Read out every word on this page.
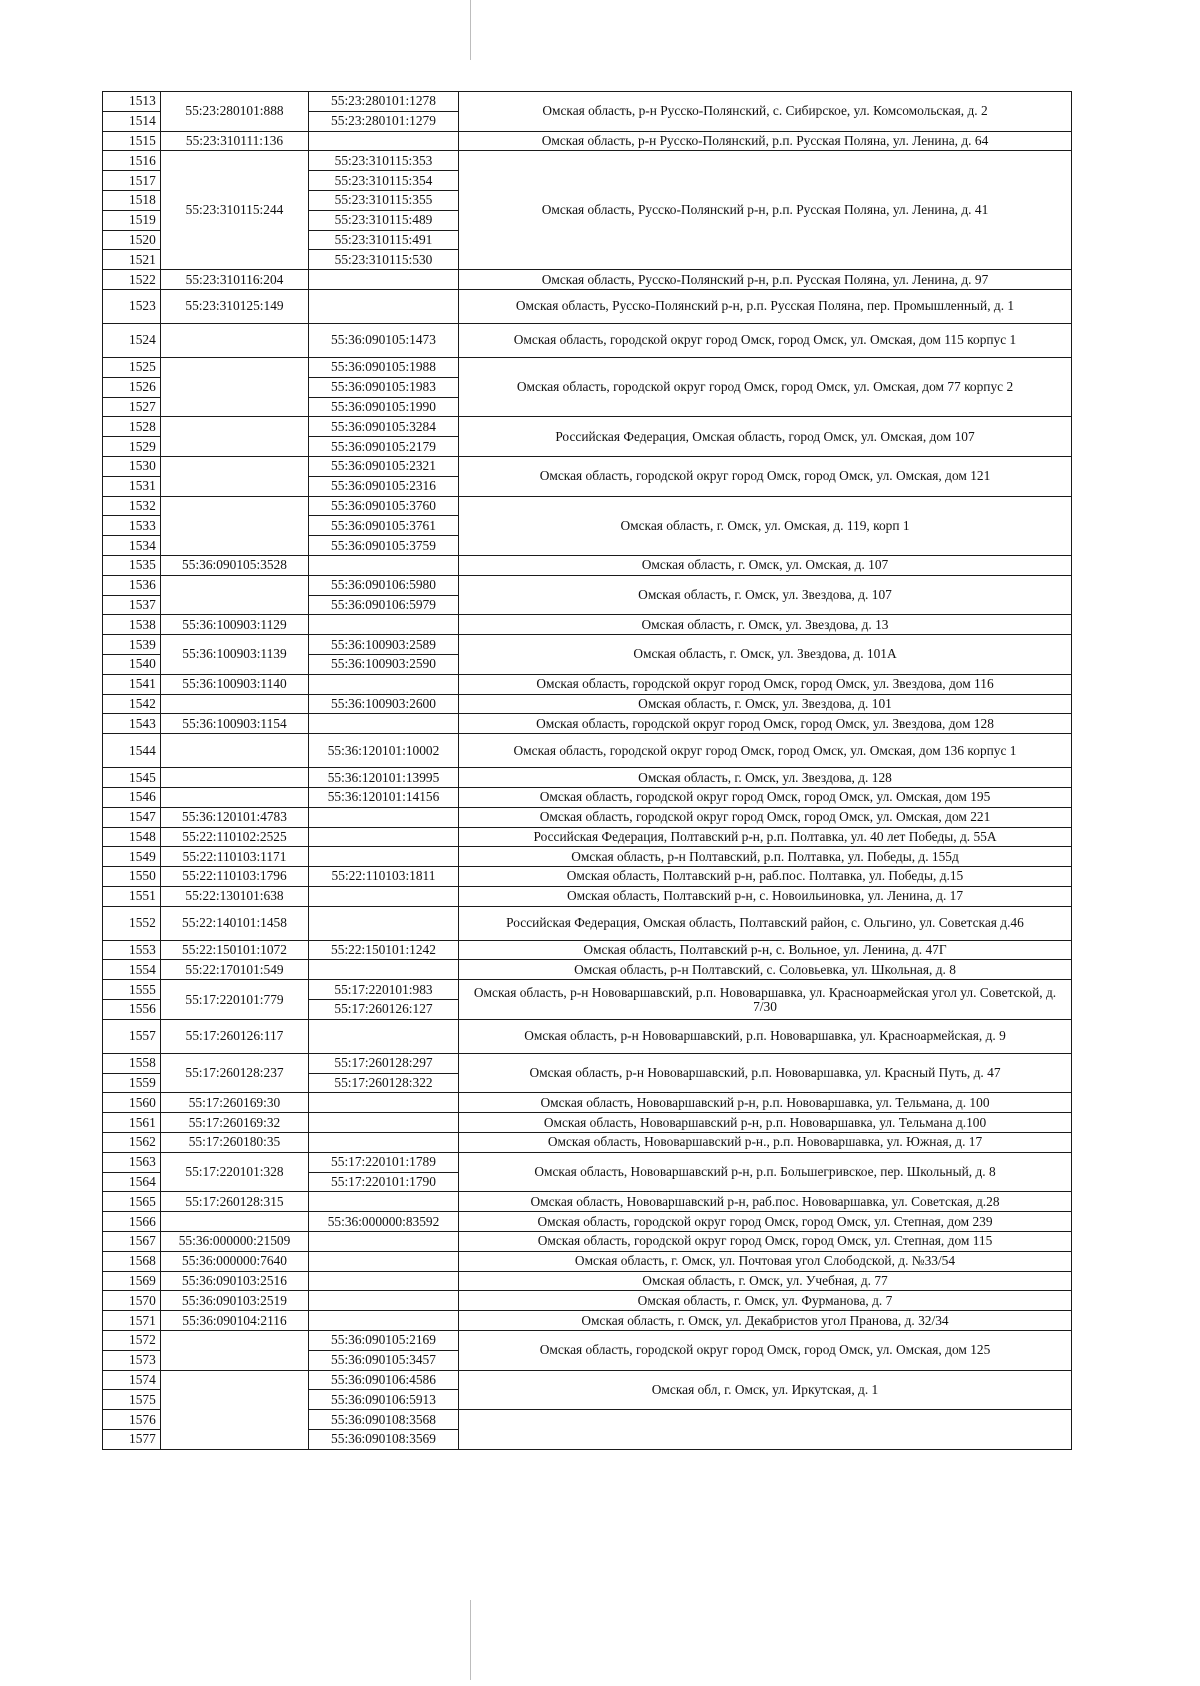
1513	55:23:280101:888	55:23:280101:1278	Омская область, р-н Русско-Полянский, с. Сибирское, ул. Комсомольская, д. 2
1514		55:23:280101:1279	
1515	55:23:310111:136		Омская область, р-н Русско-Полянский, р.п. Русская Поляна, ул. Ленина, д. 64
1516	55:23:310115:244	55:23:310115:353	Омская область, Русско-Полянский р-н, р.п. Русская Поляна, ул. Ленина, д. 41
1517		55:23:310115:354	
1518		55:23:310115:355	
1519		55:23:310115:489	
1520		55:23:310115:491	
1521		55:23:310115:530	
1522	55:23:310116:204		Омская область, Русско-Полянский р-н, р.п. Русская Поляна, ул. Ленина, д. 97
1523	55:23:310125:149		Омская область, Русско-Полянский р-н, р.п. Русская Поляна, пер. Промышленный, д. 1
1524		55:36:090105:1473	Омская область, городской округ город Омск, город Омск, ул. Омская, дом 115 корпус 1
1525		55:36:090105:1988	Омская область, городской округ город Омск, город Омск, ул. Омская, дом 77 корпус 2
1526		55:36:090105:1983	
1527		55:36:090105:1990	
1528		55:36:090105:3284	Российская Федерация, Омская область, город Омск, ул. Омская, дом 107
1529		55:36:090105:2179	
1530		55:36:090105:2321	Омская область, городской округ город Омск, город Омск, ул. Омская, дом 121
1531		55:36:090105:2316	
1532		55:36:090105:3760	Омская область, г. Омск, ул. Омская, д. 119, корп 1
1533		55:36:090105:3761	
1534		55:36:090105:3759	
1535	55:36:090105:3528		Омская область, г. Омск, ул. Омская, д. 107
1536		55:36:090106:5980	Омская область, г. Омск, ул. Звездова, д. 107
1537		55:36:090106:5979	
1538	55:36:100903:1129		Омская область, г. Омск, ул. Звездова, д. 13
1539	55:36:100903:1139	55:36:100903:2589	Омская область, г. Омск, ул. Звездова, д. 101А
1540		55:36:100903:2590	
1541	55:36:100903:1140		Омская область, городской округ город Омск, город Омск, ул. Звездова, дом 116
1542		55:36:100903:2600	Омская область, г. Омск, ул. Звездова, д. 101
1543	55:36:100903:1154		Омская область, городской округ город Омск, город Омск, ул. Звездова, дом 128
1544		55:36:120101:10002	Омская область, городской округ город Омск, город Омск, ул. Омская, дом 136 корпус 1
1545		55:36:120101:13995	Омская область, г. Омск, ул. Звездова, д. 128
1546		55:36:120101:14156	Омская область, городской округ город Омск, город Омск, ул. Омская, дом 195
1547	55:36:120101:4783		Омская область, городской округ город Омск, город Омск, ул. Омская, дом 221
1548	55:22:110102:2525		Российская Федерация, Полтавский р-н, р.п. Полтавка, ул. 40 лет Победы, д. 55А
1549	55:22:110103:1171		Омская область, р-н Полтавский, р.п. Полтавка, ул. Победы, д. 155д
1550	55:22:110103:1796	55:22:110103:1811	Омская область, Полтавский р-н, раб.пос. Полтавка, ул. Победы, д.15
1551	55:22:130101:638		Омская область, Полтавский р-н, с. Новоильиновка, ул. Ленина, д. 17
1552	55:22:140101:1458		Российская Федерация, Омская область, Полтавский район, с. Ольгино, ул. Советская д.46
1553	55:22:150101:1072	55:22:150101:1242	Омская область, Полтавский р-н, с. Вольное, ул. Ленина, д. 47Г
1554	55:22:170101:549		Омская область, р-н Полтавский, с. Соловьевка, ул. Школьная, д. 8
1555	55:17:220101:779	55:17:220101:983	Омская область, р-н Нововаршавский, р.п. Нововаршавка, ул. Красноармейская угол ул. Советской, д. 7/30
1556		55:17:260126:127	
1557	55:17:260126:117		Омская область, р-н Нововаршавский, р.п. Нововаршавка, ул. Красноармейская, д. 9
1558	55:17:260128:237	55:17:260128:297	Омская область, р-н Нововаршавский, р.п. Нововаршавка, ул. Красный Путь, д. 47
1559		55:17:260128:322	
1560	55:17:260169:30		Омская область, Нововаршавский р-н, р.п. Нововаршавка, ул. Тельмана, д. 100
1561	55:17:260169:32		Омская область, Нововаршавский р-н, р.п. Нововаршавка, ул. Тельмана д.100
1562	55:17:260180:35		Омская область, Нововаршавский р-н., р.п. Нововаршавка, ул. Южная, д. 17
1563	55:17:220101:328	55:17:220101:1789	Омская область, Нововаршавский р-н, р.п. Большегривское, пер. Школьный, д. 8
1564		55:17:220101:1790	
1565	55:17:260128:315		Омская область, Нововаршавский р-н, раб.пос. Нововаршавка, ул. Советская, д.28
1566		55:36:000000:83592	Омская область, городской округ город Омск, город Омск, ул. Степная, дом 239
1567	55:36:000000:21509		Омская область, городской округ город Омск, город Омск, ул. Степная, дом 115
1568	55:36:000000:7640		Омская область, г. Омск, ул. Почтовая угол Слободской, д. №33/54
1569	55:36:090103:2516		Омская область, г. Омск, ул. Учебная, д. 77
1570	55:36:090103:2519		Омская область, г. Омск, ул. Фурманова, д. 7
1571	55:36:090104:2116		Омская область, г. Омск, ул. Декабристов угол Пранова, д. 32/34
1572		55:36:090105:2169	Омская область, городской округ город Омск, город Омск, ул. Омская, дом 125
1573		55:36:090105:3457	
1574		55:36:090106:4586	Омская обл, г. Омск, ул. Иркутская, д. 1
1575		55:36:090106:5913	
1576		55:36:090108:3568	
1577		55:36:090108:3569	
